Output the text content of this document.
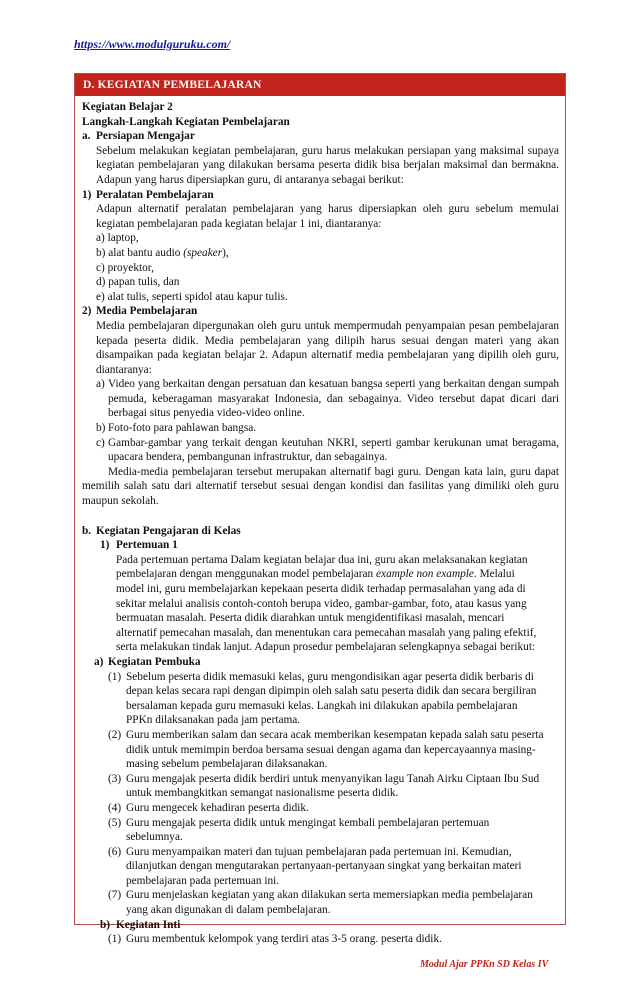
https://www.modulguruku.com/
D. KEGIATAN PEMBELAJARAN
Kegiatan Belajar 2
Langkah-Langkah Kegiatan Pembelajaran
a. Persiapan Mengajar
Sebelum melakukan kegiatan pembelajaran, guru harus melakukan persiapan yang maksimal supaya kegiatan pembelajaran yang dilakukan bersama peserta didik bisa berjalan maksimal dan bermakna. Adapun yang harus dipersiapkan guru, di antaranya sebagai berikut:
1) Peralatan Pembelajaran
Adapun alternatif peralatan pembelajaran yang harus dipersiapkan oleh guru sebelum memulai kegiatan pembelajaran pada kegiatan belajar 1 ini, diantaranya:
a) laptop,
b) alat bantu audio (speaker),
c) proyektor,
d) papan tulis, dan
e) alat tulis, seperti spidol atau kapur tulis.
2) Media Pembelajaran
Media pembelajaran dipergunakan oleh guru untuk mempermudah penyampaian pesan pembelajaran kepada peserta didik. Media pembelajaran yang dilipih harus sesuai dengan materi yang akan disampaikan pada kegiatan belajar 2. Adapun alternatif media pembelajaran yang dipilih oleh guru, diantaranya:
a) Video yang berkaitan dengan persatuan dan kesatuan bangsa seperti yang berkaitan dengan sumpah pemuda, keberagaman masyarakat Indonesia, dan sebagainya. Video tersebut dapat dicari dari berbagai situs penyedia video-video online.
b) Foto-foto para pahlawan bangsa.
c) Gambar-gambar yang terkait dengan keutuhan NKRI, seperti gambar kerukunan umat beragama, upacara bendera, pembangunan infrastruktur, dan sebagainya.
Media-media pembelajaran tersebut merupakan alternatif bagi guru. Dengan kata lain, guru dapat memilih salah satu dari alternatif tersebut sesuai dengan kondisi dan fasilitas yang dimiliki oleh guru maupun sekolah.
b. Kegiatan Pengajaran di Kelas
1) Pertemuan 1
Pada pertemuan pertama Dalam kegiatan belajar dua ini, guru akan melaksanakan kegiatan pembelajaran dengan menggunakan model pembelajaran example non example. Melalui model ini, guru membelajarkan kepekaan peserta didik terhadap permasalahan yang ada di sekitar melalui analisis contoh-contoh berupa video, gambar-gambar, foto, atau kasus yang bermuatan masalah. Peserta didik diarahkan untuk mengidentifikasi masalah, mencari alternatif pemecahan masalah, dan menentukan cara pemecahan masalah yang paling efektif, serta melakukan tindak lanjut. Adapun prosedur pembelajaran selengkapnya sebagai berikut:
a) Kegiatan Pembuka
(1) Sebelum peserta didik memasuki kelas, guru mengondisikan agar peserta didik berbaris di depan kelas secara rapi dengan dipimpin oleh salah satu peserta didik dan secara bergiliran bersalaman kepada guru memasuki kelas. Langkah ini dilakukan apabila pembelajaran PPKn dilaksanakan pada jam pertama.
(2) Guru memberikan salam dan secara acak memberikan kesempatan kepada salah satu peserta didik untuk memimpin berdoa bersama sesuai dengan agama dan kepercayaannya masing-masing sebelum pembelajaran dilaksanakan.
(3) Guru mengajak peserta didik berdiri untuk menyanyikan lagu Tanah Airku Ciptaan Ibu Sud untuk membangkitkan semangat nasionalisme peserta didik.
(4) Guru mengecek kehadiran peserta didik.
(5) Guru mengajak peserta didik untuk mengingat kembali pembelajaran pertemuan sebelumnya.
(6) Guru menyampaikan materi dan tujuan pembelajaran pada pertemuan ini. Kemudian, dilanjutkan dengan mengutarakan pertanyaan-pertanyaan singkat yang berkaitan materi pembelajaran pada pertemuan ini.
(7) Guru menjelaskan kegiatan yang akan dilakukan serta memersiapkan media pembelajaran yang akan digunakan di dalam pembelajaran.
b) Kegiatan Inti
(1) Guru membentuk kelompok yang terdiri atas 3-5 orang. peserta didik.
Modul Ajar PPKn SD Kelas IV
